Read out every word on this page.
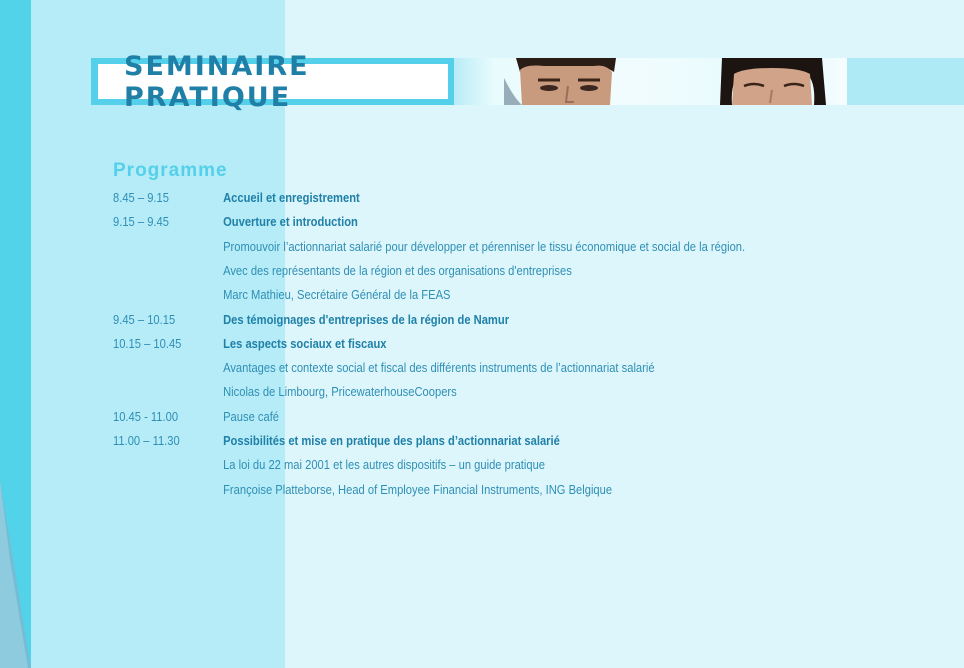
SEMINAIRE PRATIQUE
Programme
8.45 – 9.15	Accueil et enregistrement
9.15 – 9.45	Ouverture et introduction
Promouvoir l’actionnariat salarié pour développer et pérenniser le tissu économique et social de la région.
Avec des représentants de la région et des organisations d'entreprises
Marc Mathieu, Secrétaire Général de la FEAS
9.45 – 10.15	Des témoignages d'entreprises de la région de Namur
10.15 – 10.45	Les aspects sociaux et fiscaux
Avantages et contexte social et fiscal des différents instruments de l’actionnariat salarié
Nicolas de Limbourg, PricewaterhouseCoopers
10.45 - 11.00	Pause café
11.00 – 11.30	Possibilités et mise en pratique des plans d’actionnariat salarié
La loi du 22 mai 2001 et les autres dispositifs – un guide pratique
Françoise Platteborse, Head of Employee Financial Instruments, ING Belgique
